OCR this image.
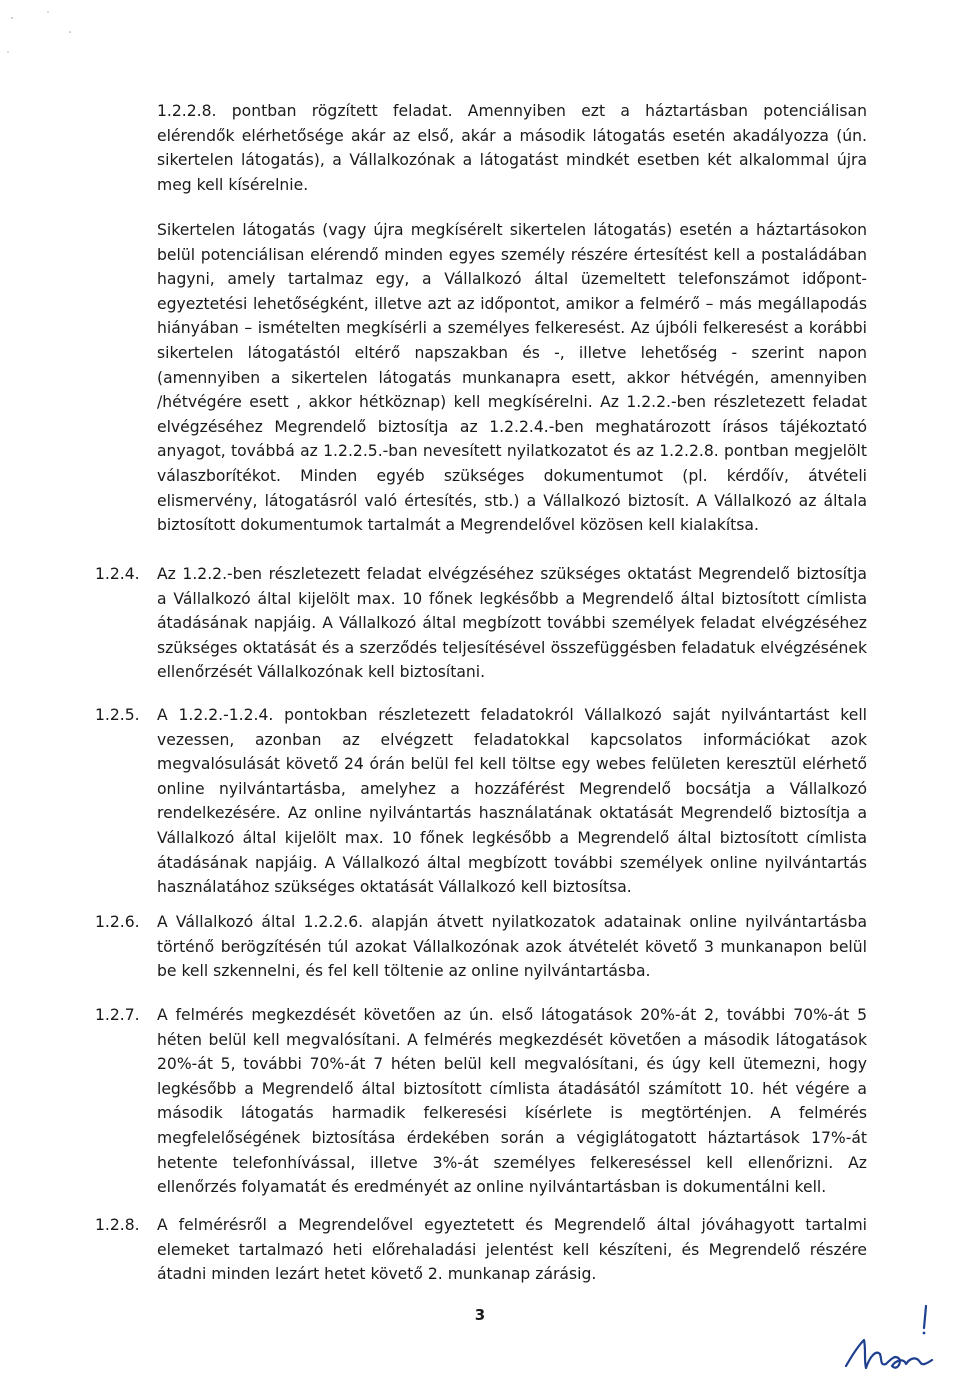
1.2.2.8. pontban rögzített feladat. Amennyiben ezt a háztartásban potenciálisan elérendők elérhetősége akár az első, akár a második látogatás esetén akadályozza (ún. sikertelen látogatás), a Vállalkozónak a látogatást mindkét esetben két alkalommal újra meg kell kísérelnie.

Sikertelen látogatás (vagy újra megkísérelt sikertelen látogatás) esetén a háztartásokon belül potenciálisan elérendő minden egyes személy részére értesítést kell a postaládában hagyni, amely tartalmaz egy, a Vállalkozó által üzemeltett telefonszámot időpont-egyeztetési lehetőségként, illetve azt az időpontot, amikor a felmérő – más megállapodás hiányában – ismételten megkísérli a személyes felkeresést. Az újbóli felkeresést a korábbi sikertelen látogatástól eltérő napszakban és -, illetve lehetőség - szerint napon (amennyiben a sikertelen látogatás munkanapra esett, akkor hétvégén, amennyiben /hétvégére esett , akkor hétköznap) kell megkísérelni. Az 1.2.2.-ben részletezett feladat elvégzéséhez Megrendelő biztosítja az 1.2.2.4.-ben meghatározott írásos tájékoztató anyagot, továbbá az 1.2.2.5.-ban nevesített nyilatkozatot és az 1.2.2.8. pontban megjelölt válaszborítékot. Minden egyéb szükséges dokumentumot (pl. kérdőív, átvételi elismervény, látogatásról való értesítés, stb.) a Vállalkozó biztosít. A Vállalkozó az általa biztosított dokumentumok tartalmát a Megrendelővel közösen kell kialakítsa.

1.2.4.	Az 1.2.2.-ben részletezett feladat elvégzéséhez szükséges oktatást Megrendelő biztosítja a Vállalkozó által kijelölt max. 10 főnek legkésőbb a Megrendelő által biztosított címlista átadásának napjáig. A Vállalkozó által megbízott további személyek feladat elvégzéséhez szükséges oktatását és a szerződés teljesítésével összefüggésben feladatuk elvégzésének ellenőrzését Vállalkozónak kell biztosítani.
1.2.5.	A 1.2.2.-1.2.4. pontokban részletezett feladatokról Vállalkozó saját nyilvántartást kell vezessen, azonban az elvégzett feladatokkal kapcsolatos információkat azok megvalósulását követő 24 órán belül fel kell töltse egy webes felületen keresztül elérhető online nyilvántartásba, amelyhez a hozzáférést Megrendelő bocsátja a Vállalkozó rendelkezésére. Az online nyilvántartás használatának oktatását Megrendelő biztosítja a Vállalkozó által kijelölt max. 10 főnek legkésőbb a Megrendelő által biztosított címlista átadásának napjáig. A Vállalkozó által megbízott további személyek online nyilvántartás használatához szükséges oktatását Vállalkozó kell biztosítsa.
1.2.6.	A Vállalkozó által 1.2.2.6. alapján átvett nyilatkozatok adatainak online nyilvántartásba történő berögzítésén túl azokat Vállalkozónak azok átvételét követő 3 munkanapon belül be kell szkennelni, és fel kell töltenie az online nyilvántartásba.
1.2.7.	A felmérés megkezdését követően az ún. első látogatások 20%-át 2, további 70%-át 5 héten belül kell megvalósítani. A felmérés megkezdését követően a második látogatások 20%-át 5, további 70%-át 7 héten belül kell megvalósítani, és úgy kell ütemezni, hogy legkésőbb a Megrendelő által biztosított címlista átadásától számított 10. hét végére a második látogatás harmadik felkeresési kísérlete is megtörténjen. A felmérés megfelelőségének biztosítása érdekében során a végiglátogatott háztartások 17%-át hetente telefonhívással, illetve 3%-át személyes felkereséssel kell ellenőrizni. Az ellenőrzés folyamatát és eredményét az online nyilvántartásban is dokumentálni kell.
1.2.8.	A felmérésről a Megrendelővel egyeztetett és Megrendelő által jóváhagyott tartalmi elemeket tartalmazó heti előrehaladási jelentést kell készíteni, és Megrendelő részére átadni minden lezárt hetet követő 2. munkanap zárásig.
3
